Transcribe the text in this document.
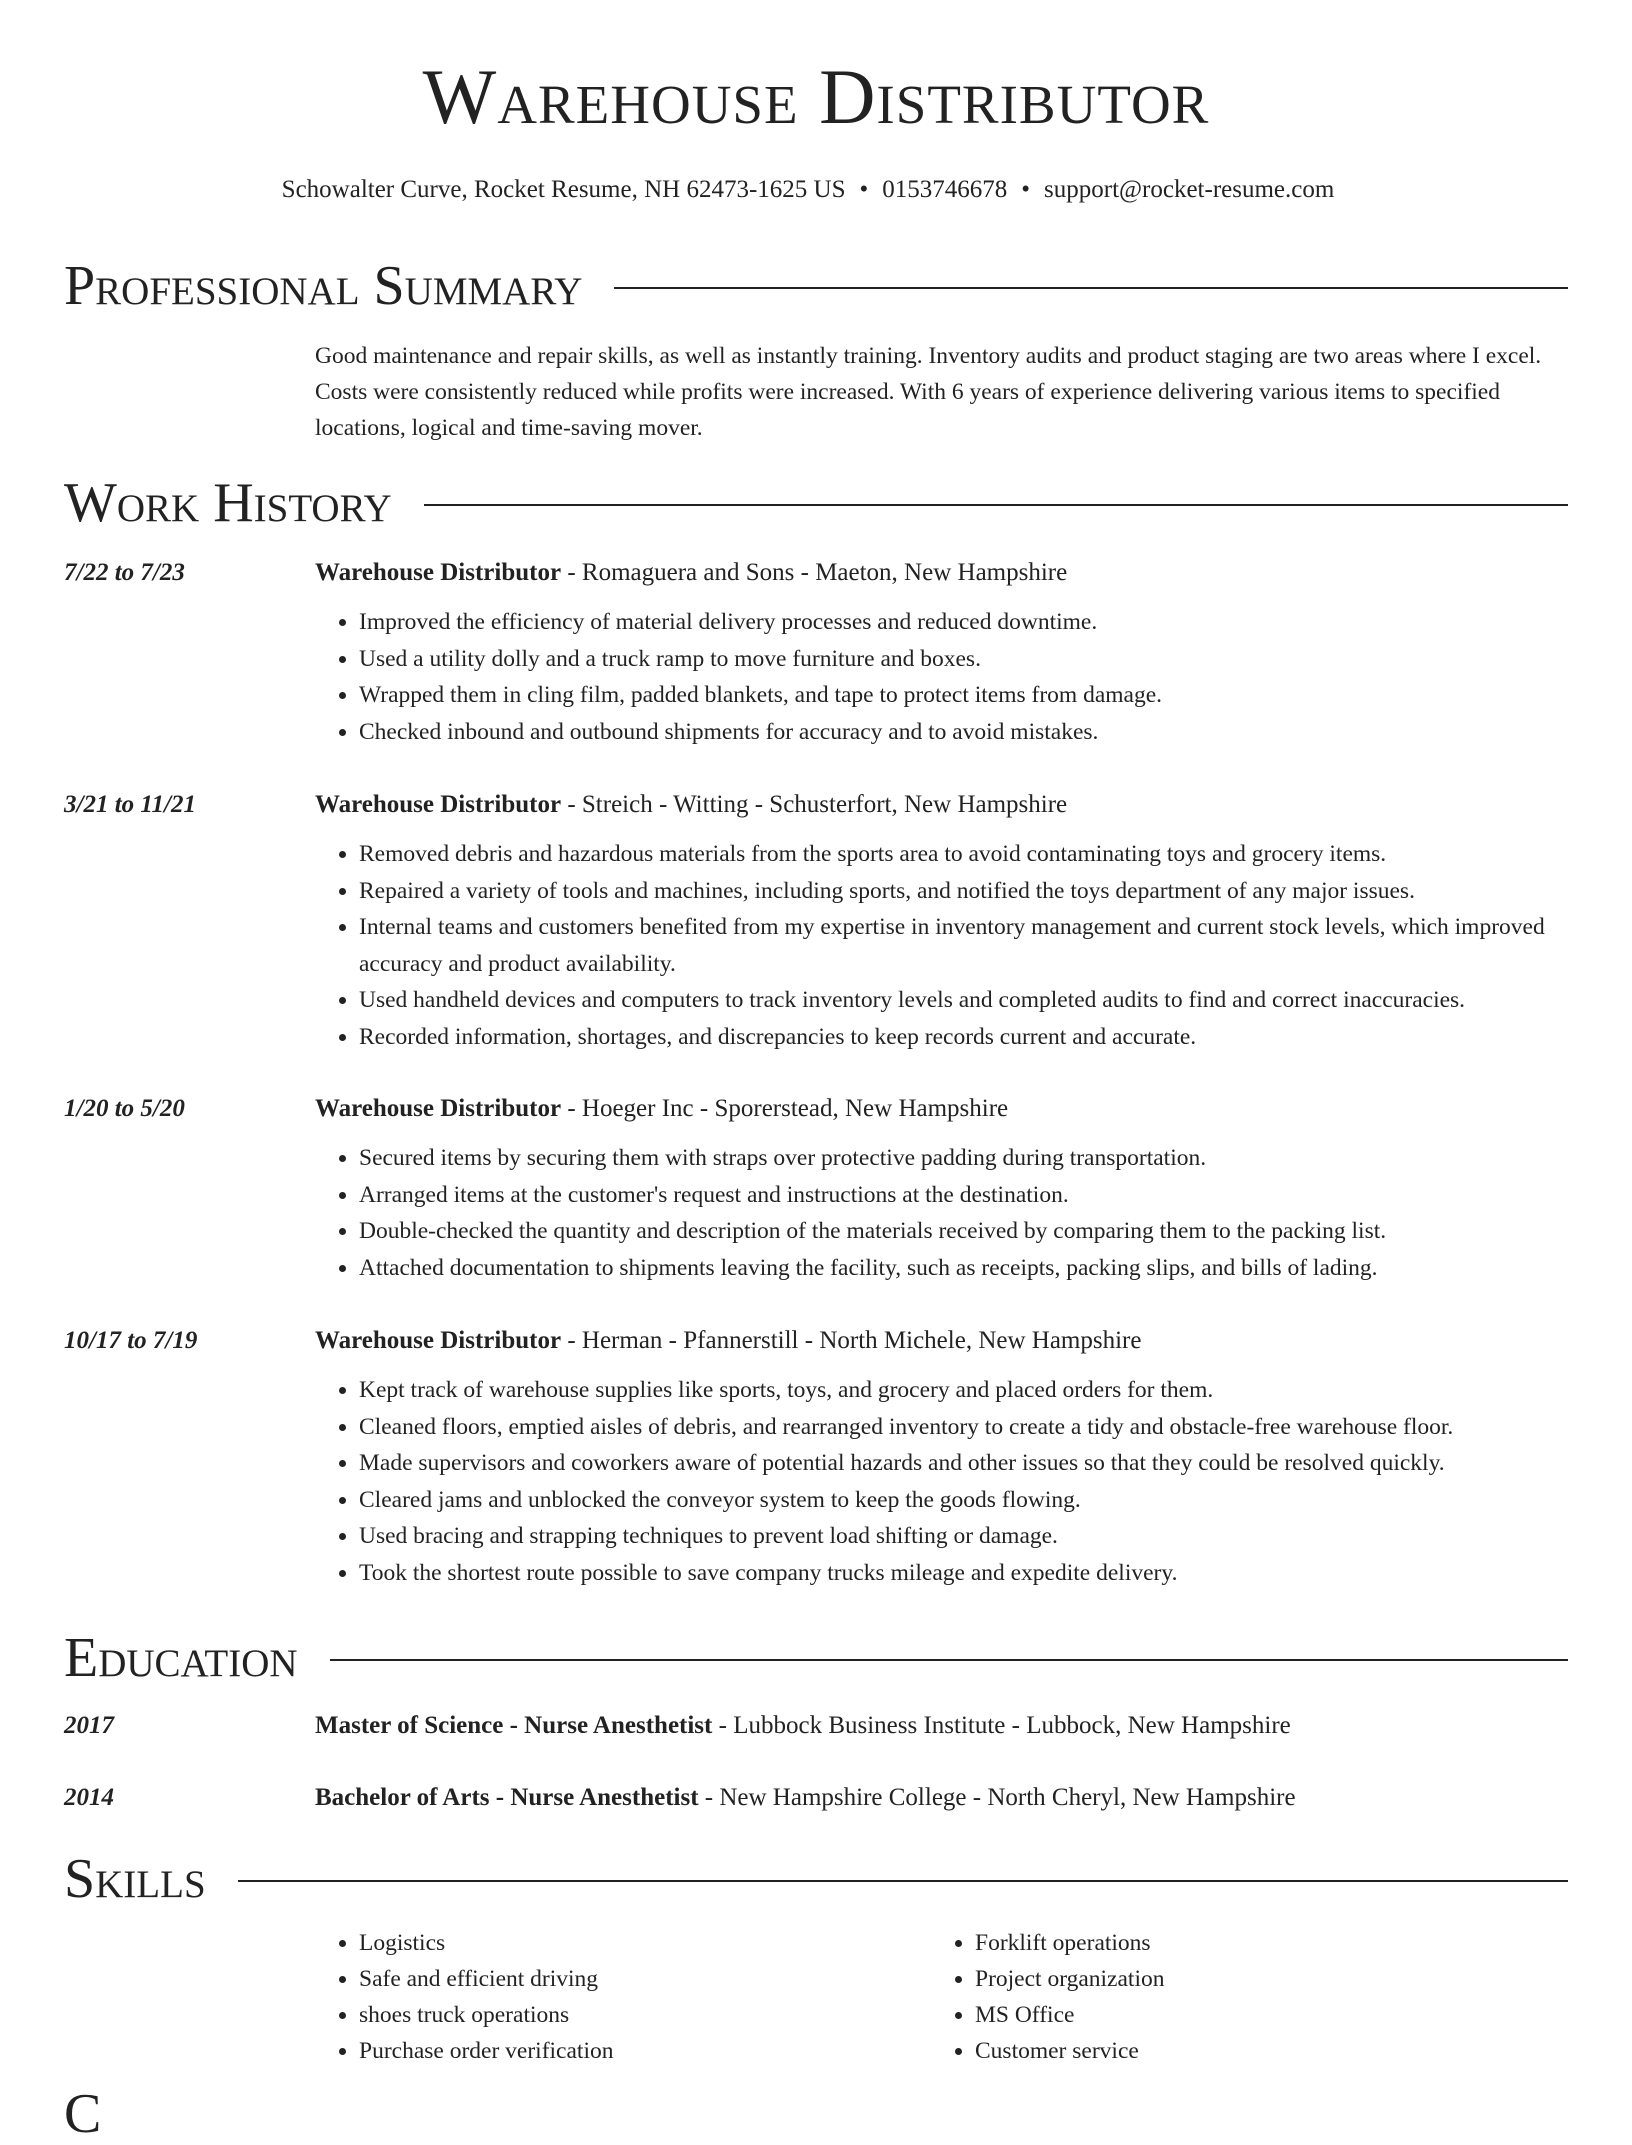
Warehouse Distributor
Schowalter Curve, Rocket Resume, NH 62473-1625 US • 0153746678 • support@rocket-resume.com
Professional Summary
Good maintenance and repair skills, as well as instantly training. Inventory audits and product staging are two areas where I excel. Costs were consistently reduced while profits were increased. With 6 years of experience delivering various items to specified locations, logical and time-saving mover.
Work History
7/22 to 7/23	Warehouse Distributor - Romaguera and Sons - Maeton, New Hampshire
• Improved the efficiency of material delivery processes and reduced downtime.
• Used a utility dolly and a truck ramp to move furniture and boxes.
• Wrapped them in cling film, padded blankets, and tape to protect items from damage.
• Checked inbound and outbound shipments for accuracy and to avoid mistakes.
3/21 to 11/21	Warehouse Distributor - Streich - Witting - Schusterfort, New Hampshire
• Removed debris and hazardous materials from the sports area to avoid contaminating toys and grocery items.
• Repaired a variety of tools and machines, including sports, and notified the toys department of any major issues.
• Internal teams and customers benefited from my expertise in inventory management and current stock levels, which improved accuracy and product availability.
• Used handheld devices and computers to track inventory levels and completed audits to find and correct inaccuracies.
• Recorded information, shortages, and discrepancies to keep records current and accurate.
1/20 to 5/20	Warehouse Distributor - Hoeger Inc - Sporerstead, New Hampshire
• Secured items by securing them with straps over protective padding during transportation.
• Arranged items at the customer's request and instructions at the destination.
• Double-checked the quantity and description of the materials received by comparing them to the packing list.
• Attached documentation to shipments leaving the facility, such as receipts, packing slips, and bills of lading.
10/17 to 7/19	Warehouse Distributor - Herman - Pfannerstill - North Michele, New Hampshire
• Kept track of warehouse supplies like sports, toys, and grocery and placed orders for them.
• Cleaned floors, emptied aisles of debris, and rearranged inventory to create a tidy and obstacle-free warehouse floor.
• Made supervisors and coworkers aware of potential hazards and other issues so that they could be resolved quickly.
• Cleared jams and unblocked the conveyor system to keep the goods flowing.
• Used bracing and strapping techniques to prevent load shifting or damage.
• Took the shortest route possible to save company trucks mileage and expedite delivery.
Education
2017	Master of Science - Nurse Anesthetist - Lubbock Business Institute - Lubbock, New Hampshire
2014	Bachelor of Arts - Nurse Anesthetist - New Hampshire College - North Cheryl, New Hampshire
Skills
• Logistics
• Safe and efficient driving
• shoes truck operations
• Purchase order verification
• Forklift operations
• Project organization
• MS Office
• Customer service
C
